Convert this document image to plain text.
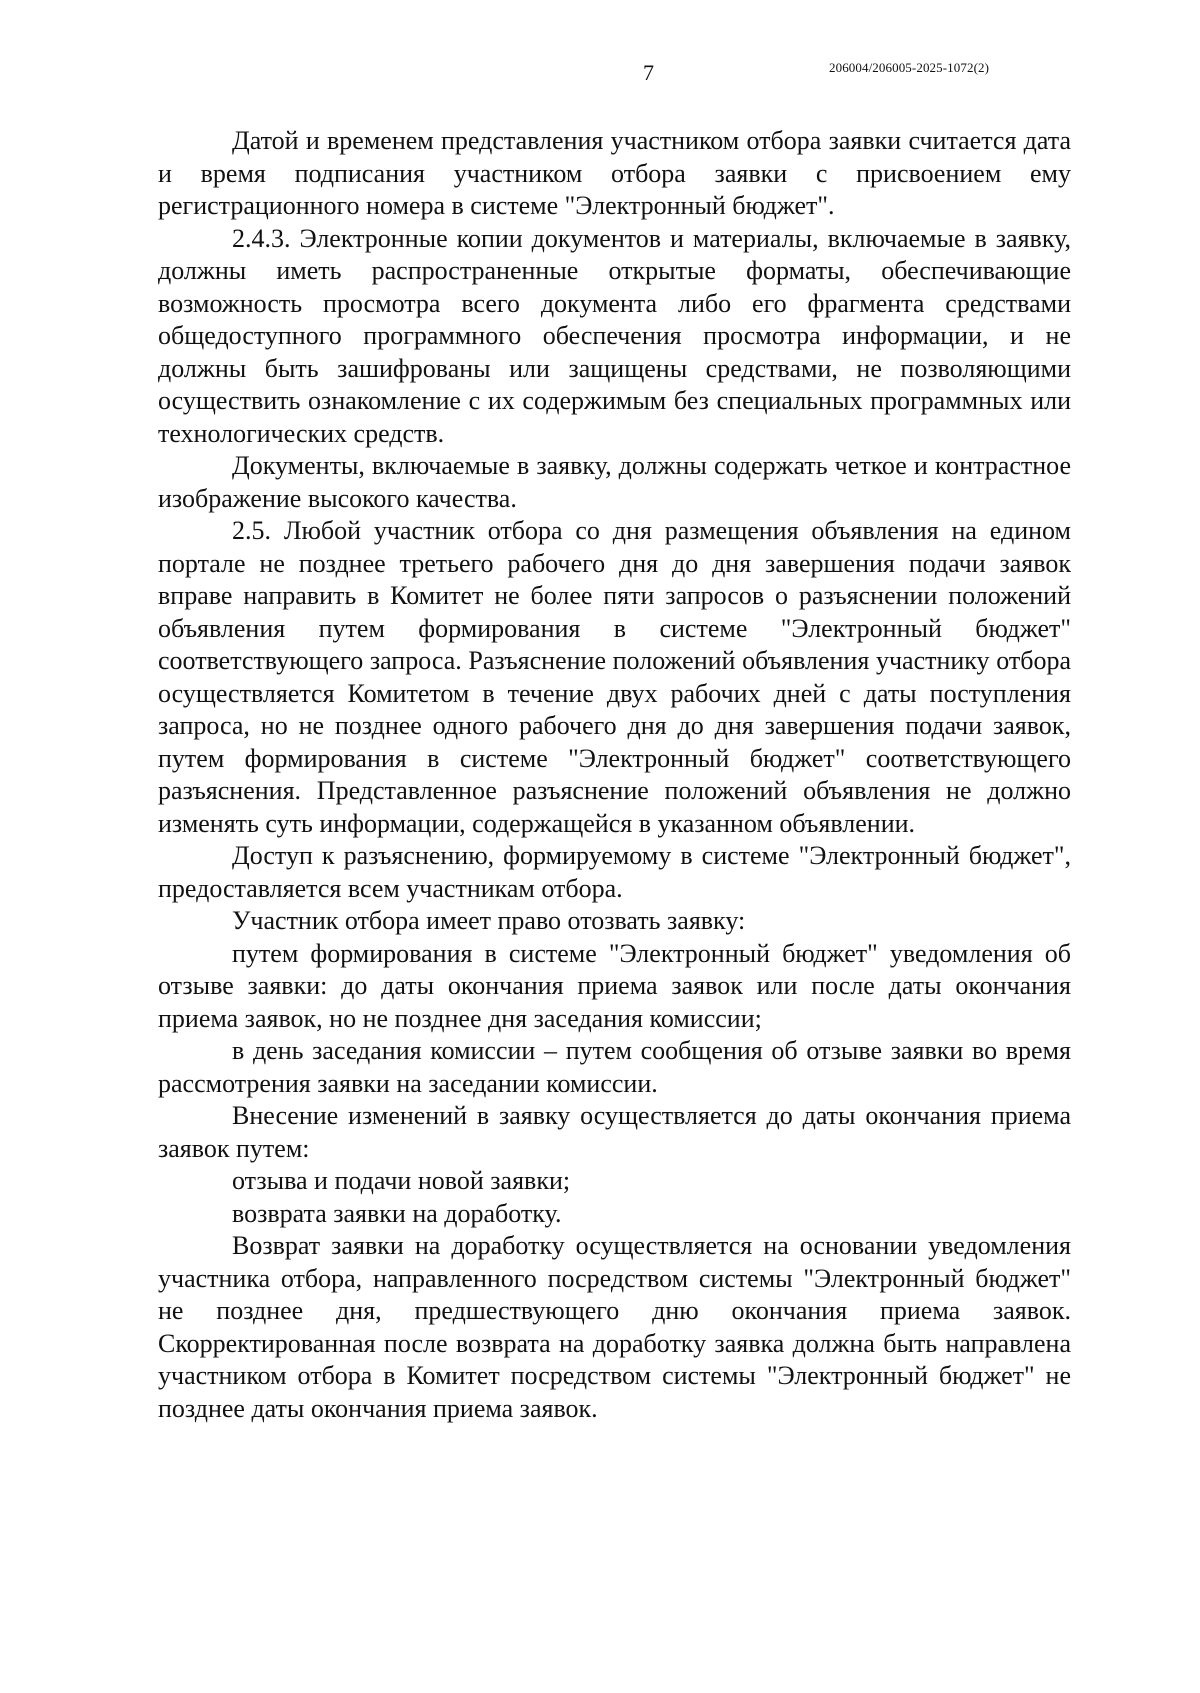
7	206004/206005-2025-1072(2)

Датой и временем представления участником отбора заявки считается дата и время подписания участником отбора заявки с присвоением ему регистрационного номера в системе "Электронный бюджет".

2.4.3. Электронные копии документов и материалы, включаемые в заявку, должны иметь распространенные открытые форматы, обеспечивающие возможность просмотра всего документа либо его фрагмента средствами общедоступного программного обеспечения просмотра информации, и не должны быть зашифрованы или защищены средствами, не позволяющими осуществить ознакомление с их содержимым без специальных программных или технологических средств.

Документы, включаемые в заявку, должны содержать четкое и контрастное изображение высокого качества.

2.5. Любой участник отбора со дня размещения объявления на едином портале не позднее третьего рабочего дня до дня завершения подачи заявок вправе направить в Комитет не более пяти запросов о разъяснении положений объявления путем формирования в системе "Электронный бюджет" соответствующего запроса. Разъяснение положений объявления участнику отбора осуществляется Комитетом в течение двух рабочих дней с даты поступления запроса, но не позднее одного рабочего дня до дня завершения подачи заявок, путем формирования в системе "Электронный бюджет" соответствующего разъяснения. Представленное разъяснение положений объявления не должно изменять суть информации, содержащейся в указанном объявлении.

Доступ к разъяснению, формируемому в системе "Электронный бюджет", предоставляется всем участникам отбора.

Участник отбора имеет право отозвать заявку:

путем формирования в системе "Электронный бюджет" уведомления об отзыве заявки: до даты окончания приема заявок или после даты окончания приема заявок, но не позднее дня заседания комиссии;

в день заседания комиссии – путем сообщения об отзыве заявки во время рассмотрения заявки на заседании комиссии.

Внесение изменений в заявку осуществляется до даты окончания приема заявок путем:

отзыва и подачи новой заявки;

возврата заявки на доработку.

Возврат заявки на доработку осуществляется на основании уведомления участника отбора, направленного посредством системы "Электронный бюджет" не позднее дня, предшествующего дню окончания приема заявок. Скорректированная после возврата на доработку заявка должна быть направлена участником отбора в Комитет посредством системы "Электронный бюджет" не позднее даты окончания приема заявок.
